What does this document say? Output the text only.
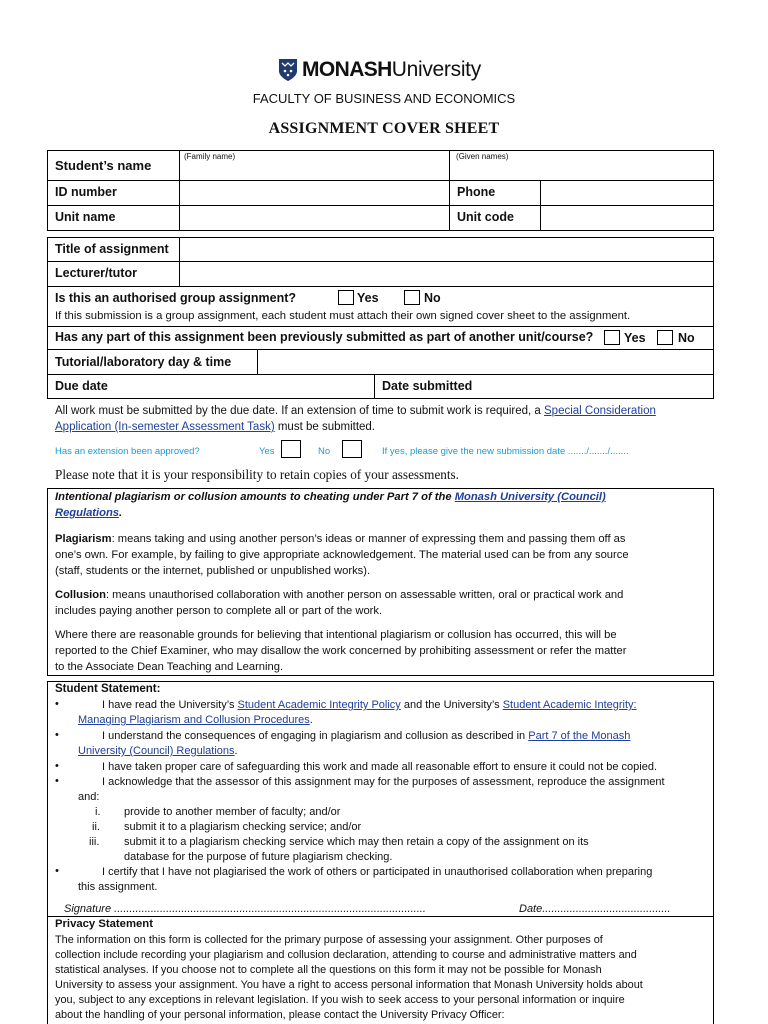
MONASHUniversity
FACULTY OF BUSINESS AND ECONOMICS
ASSIGNMENT COVER SHEET
Student’s name
(Family name)	(Given names)
ID number	Phone
Unit name	Unit code
Title of assignment
Lecturer/tutor
Is this an authorised group assignment?	Yes	No
If this submission is a group assignment, each student must attach their own signed cover sheet to the assignment.
Has any part of this assignment been previously submitted as part of another unit/course? Yes	No
Tutorial/laboratory day & time
Due date	Date submitted
All work must be submitted by the due date. If an extension of time to submit work is required, a Special Consideration
Application (In-semester Assessment Task) must be submitted.
Has an extension been approved?	Yes	No	If yes, please give the new submission date ......./......./.......
Please note that it is your responsibility to retain copies of your assessments.
Intentional plagiarism or collusion amounts to cheating under Part 7 of the Monash University (Council)
Regulations.
Plagiarism: means taking and using another person’s ideas or manner of expressing them and passing them off as
one’s own. For example, by failing to give appropriate acknowledgement. The material used can be from any source
(staff, students or the internet, published or unpublished works).
Collusion: means unauthorised collaboration with another person on assessable written, oral or practical work and
includes paying another person to complete all or part of the work.
Where there are reasonable grounds for believing that intentional plagiarism or collusion has occurred, this will be
reported to the Chief Examiner, who may disallow the work concerned by prohibiting assessment or refer the matter
to the Associate Dean Teaching and Learning.
Student Statement:
•	I have read the University’s Student Academic Integrity Policy and the University’s Student Academic Integrity:
Managing Plagiarism and Collusion Procedures.
•	I understand the consequences of engaging in plagiarism and collusion as described in Part 7 of the Monash
University (Council) Regulations.
•	I have taken proper care of safeguarding this work and made all reasonable effort to ensure it could not be copied.
•	I acknowledge that the assessor of this assignment may for the purposes of assessment, reproduce the assignment
and:
i. provide to another member of faculty; and/or
ii. submit it to a plagiarism checking service; and/or
iii. submit it to a plagiarism checking service which may then retain a copy of the assignment on its
database for the purpose of future plagiarism checking.
•	I certify that I have not plagiarised the work of others or participated in unauthorised collaboration when preparing
this assignment.
Signature ......................................................................................................	Date..........................................
Privacy Statement
The information on this form is collected for the primary purpose of assessing your assignment. Other purposes of
collection include recording your plagiarism and collusion declaration, attending to course and administrative matters and
statistical analyses. If you choose not to complete all the questions on this form it may not be possible for Monash
University to assess your assignment. You have a right to access personal information that Monash University holds about
you, subject to any exceptions in relevant legislation. If you wish to seek access to your personal information or inquire
about the handling of your personal information, please contact the University Privacy Officer:
